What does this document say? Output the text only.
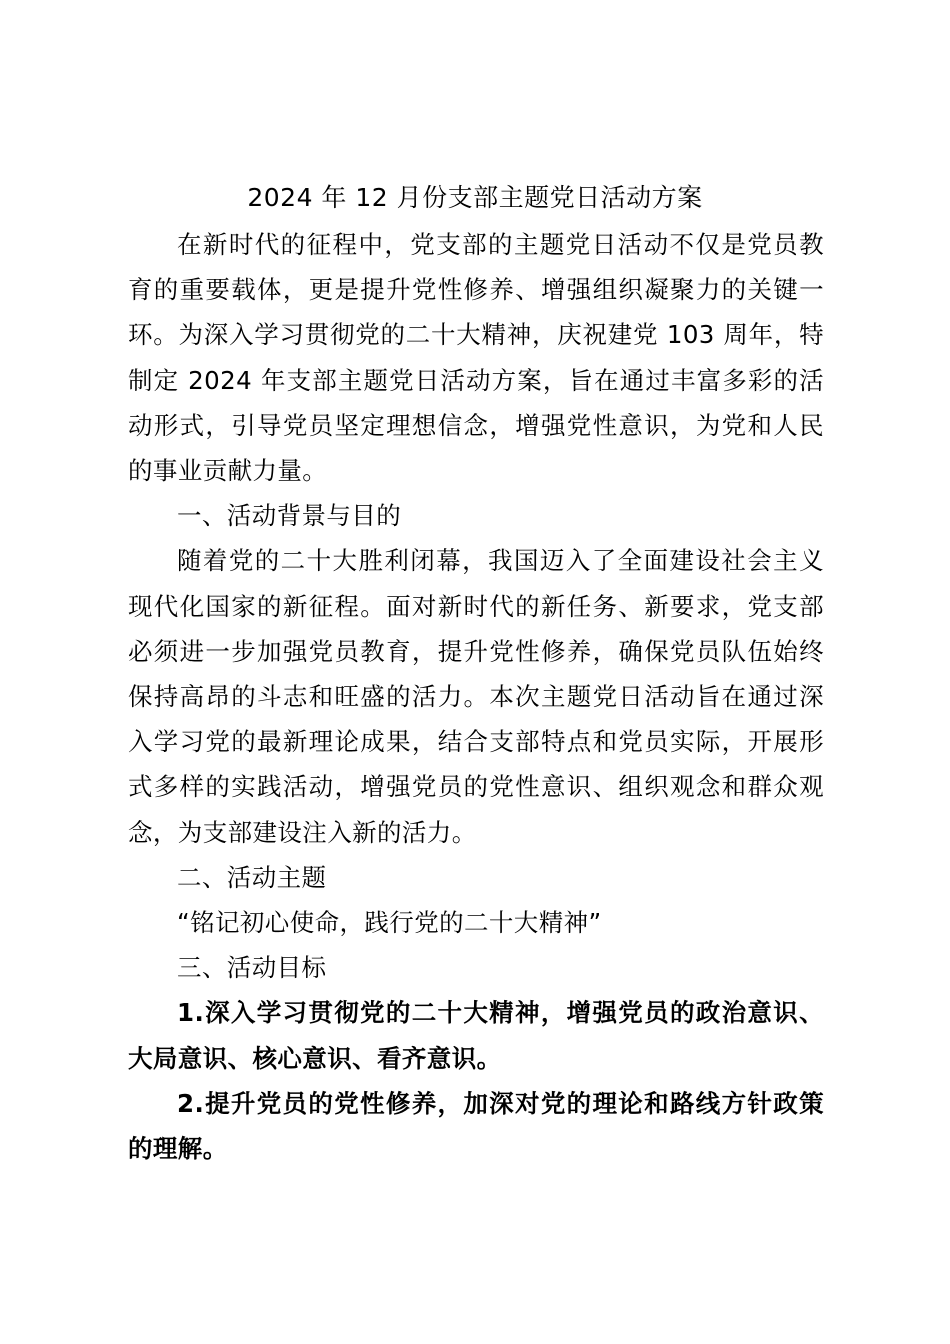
2024 年 12 月份支部主题党日活动方案

在新时代的征程中，党支部的主题党日活动不仅是党员教育的重要载体，更是提升党性修养、增强组织凝聚力的关键一环。为深入学习贯彻党的二十大精神，庆祝建党 103 周年，特制定 2024 年支部主题党日活动方案，旨在通过丰富多彩的活动形式，引导党员坚定理想信念，增强党性意识，为党和人民的事业贡献力量。

一、活动背景与目的

随着党的二十大胜利闭幕，我国迈入了全面建设社会主义现代化国家的新征程。面对新时代的新任务、新要求，党支部必须进一步加强党员教育，提升党性修养，确保党员队伍始终保持高昂的斗志和旺盛的活力。本次主题党日活动旨在通过深入学习党的最新理论成果，结合支部特点和党员实际，开展形式多样的实践活动，增强党员的党性意识、组织观念和群众观念，为支部建设注入新的活力。

二、活动主题

“铭记初心使命，践行党的二十大精神”

三、活动目标

1.深入学习贯彻党的二十大精神，增强党员的政治意识、大局意识、核心意识、看齐意识。

2.提升党员的党性修养，加深对党的理论和路线方针政策的理解。
